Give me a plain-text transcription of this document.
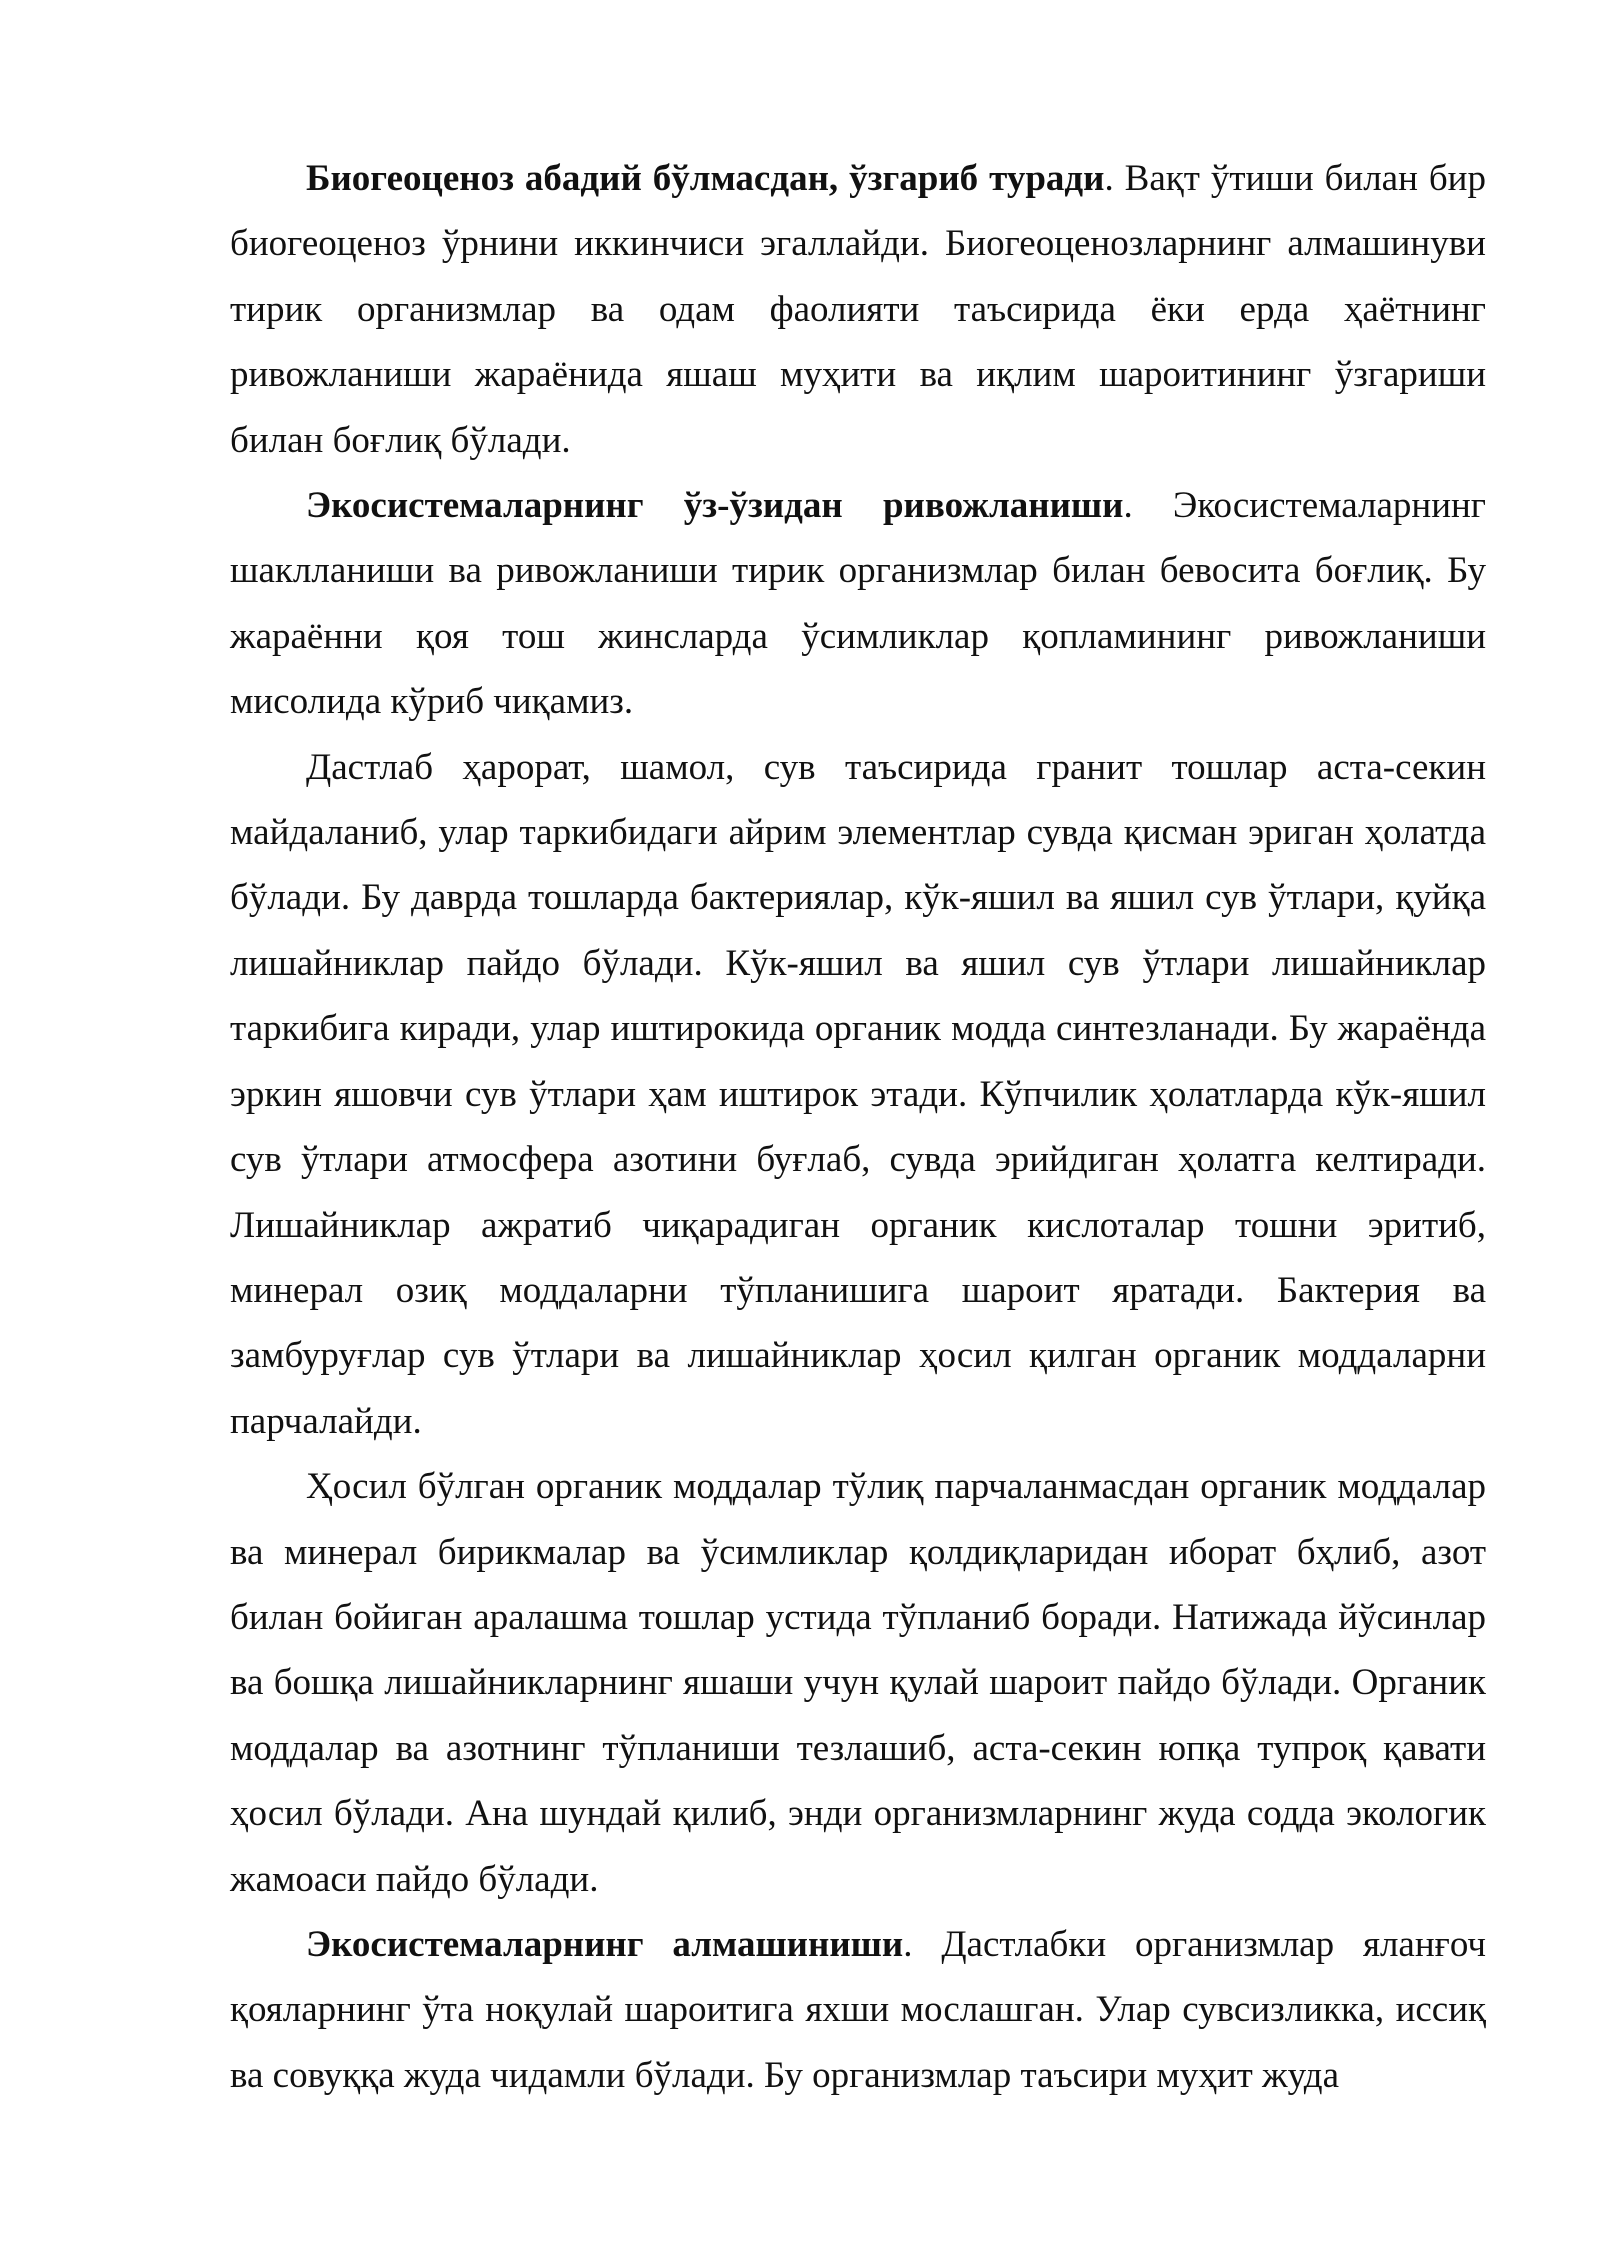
Биогеоценоз абадий бўлмасдан, ўзгариб туради. Вақт ўтиши билан бир биогеоценоз ўрнини иккинчиси эгаллайди. Биогеоценозларнинг алмашинуви тирик организмлар ва одам фаолияти таъсирида ёки ерда ҳаётнинг ривожланиши жараёнида яшаш муҳити ва иқлим шароитининг ўзгариши билан боғлиқ бўлади.

Экосистемаларнинг ўз-ўзидан ривожланиши. Экосистемаларнинг шаклланиши ва ривожланиши тирик организмлар билан бевосита боғлиқ. Бу жараённи қоя тош жинсларда ўсимликлар қопламининг ривожланиши мисолида кўриб чиқамиз.

Дастлаб ҳарорат, шамол, сув таъсирида гранит тошлар аста-секин майдаланиб, улар таркибидаги айрим элементлар сувда қисман эриган ҳолатда бўлади. Бу даврда тошларда бактериялар, кўк-яшил ва яшил сув ўтлари, қуйқа лишайниклар пайдо бўлади. Кўк-яшил ва яшил сув ўтлари лишайниклар таркибига киради, улар иштирокида органик модда синтезланади. Бу жараёнда эркин яшовчи сув ўтлари ҳам иштирок этади. Кўпчилик ҳолатларда кўк-яшил сув ўтлари атмосфера азотини буғлаб, сувда эрийдиган ҳолатга келтиради. Лишайниклар ажратиб чиқарадиган органик кислоталар тошни эритиб, минерал озиқ моддаларни тўпланишига шароит яратади. Бактерия ва замбуруғлар сув ўтлари ва лишайниклар ҳосил қилган органик моддаларни парчалайди.

Ҳосил бўлган органик моддалар тўлиқ парчаланмасдан органик моддалар ва минерал бирикмалар ва ўсимликлар қолдиқларидан иборат бҳлиб, азот билан бойиган аралашма тошлар устида тўпланиб боради. Натижада йўсинлар ва бошқа лишайникларнинг яшаши учун қулай шароит пайдо бўлади. Органик моддалар ва азотнинг тўпланиши тезлашиб, аста-секин юпқа тупроқ қавати ҳосил бўлади. Ана шундай қилиб, энди организмларнинг жуда содда экологик жамоаси пайдо бўлади.

Экосистемаларнинг алмашиниши. Дастлабки организмлар яланғоч қояларнинг ўта ноқулай шароитига яхши мослашган. Улар сувсизликка, иссиқ ва совуққа жуда чидамли бўлади. Бу организмлар таъсири муҳит жуда
